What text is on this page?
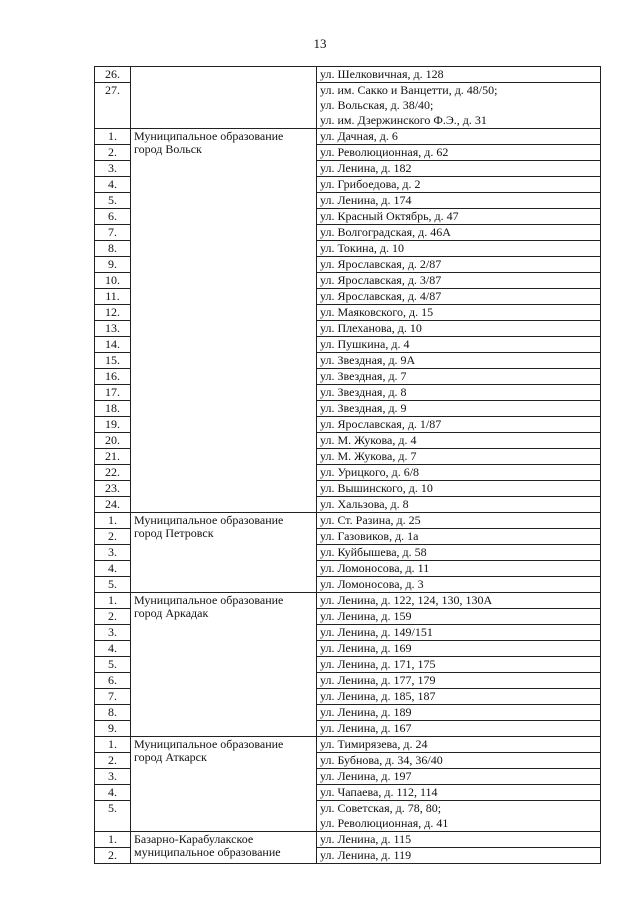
13
26.		ул. Шелковичная, д. 128

27.		ул. им. Сакко и Ванцетти, д. 48/50;
ул. Вольская, д. 38/40;
ул. им. Дзержинского Ф.Э., д. 31

1.	Муниципальное образование город Вольск	ул. Дачная, д. 6

2.		ул. Революционная, д. 62

3.		ул. Ленина, д. 182

4.		ул. Грибоедова, д. 2

5.		ул. Ленина, д. 174

6.		ул. Красный Октябрь, д. 47

7.		ул. Волгоградская, д. 46А

8.		ул. Токина, д. 10

9.		ул. Ярославская, д. 2/87

10.		ул. Ярославская, д. 3/87

11.		ул. Ярославская, д. 4/87

12.		ул. Маяковского, д. 15

13.		ул. Плеханова, д. 10

14.		ул. Пушкина, д. 4

15.		ул. Звездная, д. 9А

16.		ул. Звездная, д. 7

17.		ул. Звездная, д. 8

18.		ул. Звездная, д. 9

19.		ул. Ярославская, д. 1/87

20.		ул. М. Жукова, д. 4

21.		ул. М. Жукова, д. 7

22.		ул. Урицкого, д. 6/8

23.		ул. Вышинского, д. 10

24.		ул. Хальзова, д. 8

1.	Муниципальное образование город Петровск	ул. Ст. Разина, д. 25

2.		ул. Газовиков, д. 1а

3.		ул. Куйбышева, д. 58

4.		ул. Ломоносова, д. 11

5.		ул. Ломоносова, д. 3

1.	Муниципальное образование город Аркадак	ул. Ленина, д. 122, 124, 130, 130А

2.		ул. Ленина, д. 159

3.		ул. Ленина, д. 149/151

4.		ул. Ленина, д. 169

5.		ул. Ленина, д. 171, 175

6.		ул. Ленина, д. 177, 179

7.		ул. Ленина, д. 185, 187

8.		ул. Ленина, д. 189

9.		ул. Ленина, д. 167

1.	Муниципальное образование город Аткарск	ул. Тимирязева, д. 24

2.		ул. Бубнова, д. 34, 36/40

3.		ул. Ленина, д. 197

4.		ул. Чапаева, д. 112, 114

5.		ул. Советская, д. 78, 80;
ул. Революционная, д. 41

1.	Базарно-Карабулакское муниципальное образование	ул. Ленина, д. 115

2.		ул. Ленина, д. 119
